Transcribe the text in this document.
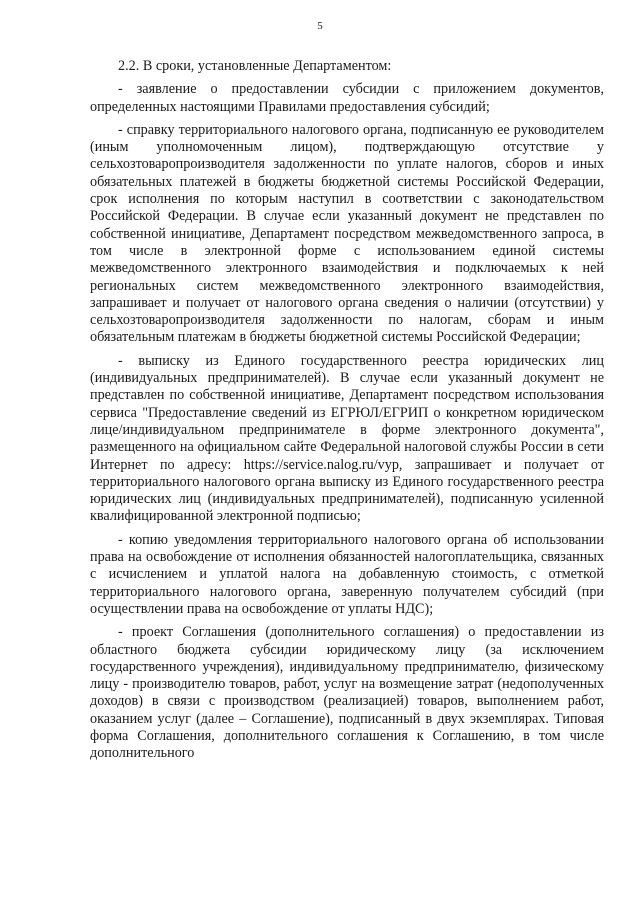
5

2.2. В сроки, установленные Департаментом:

- заявление о предоставлении субсидии с приложением документов, определенных настоящими Правилами предоставления субсидий;

- справку территориального налогового органа, подписанную ее руководителем (иным уполномоченным лицом), подтверждающую отсутствие у сельхозтоваропроизводителя задолженности по уплате налогов, сборов и иных обязательных платежей в бюджеты бюджетной системы Российской Федерации, срок исполнения по которым наступил в соответствии с законодательством Российской Федерации. В случае если указанный документ не представлен по собственной инициативе, Департамент посредством межведомственного запроса, в том числе в электронной форме с использованием единой системы межведомственного электронного взаимодействия и подключаемых к ней региональных систем межведомственного электронного взаимодействия, запрашивает и получает от налогового органа сведения о наличии (отсутствии) у сельхозтоваропроизводителя задолженности по налогам, сборам и иным обязательным платежам в бюджеты бюджетной системы Российской Федерации;

- выписку из Единого государственного реестра юридических лиц (индивидуальных предпринимателей). В случае если указанный документ не представлен по собственной инициативе, Департамент посредством использования сервиса "Предоставление сведений из ЕГРЮЛ/ЕГРИП о конкретном юридическом лице/индивидуальном предпринимателе в форме электронного документа", размещенного на официальном сайте Федеральной налоговой службы России в сети Интернет по адресу: https://service.nalog.ru/vyp, запрашивает и получает от территориального налогового органа выписку из Единого государственного реестра юридических лиц (индивидуальных предпринимателей), подписанную усиленной квалифицированной электронной подписью;

- копию уведомления территориального налогового органа об использовании права на освобождение от исполнения обязанностей налогоплательщика, связанных с исчислением и уплатой налога на добавленную стоимость, с отметкой территориального налогового органа, заверенную получателем субсидий (при осуществлении права на освобождение от уплаты НДС);

- проект Соглашения (дополнительного соглашения) о предоставлении из областного бюджета субсидии юридическому лицу (за исключением государственного учреждения), индивидуальному предпринимателю, физическому лицу - производителю товаров, работ, услуг на возмещение затрат (недополученных доходов) в связи с производством (реализацией) товаров, выполнением работ, оказанием услуг (далее – Соглашение), подписанный в двух экземплярах. Типовая форма Соглашения, дополнительного соглашения к Соглашению, в том числе дополнительного
